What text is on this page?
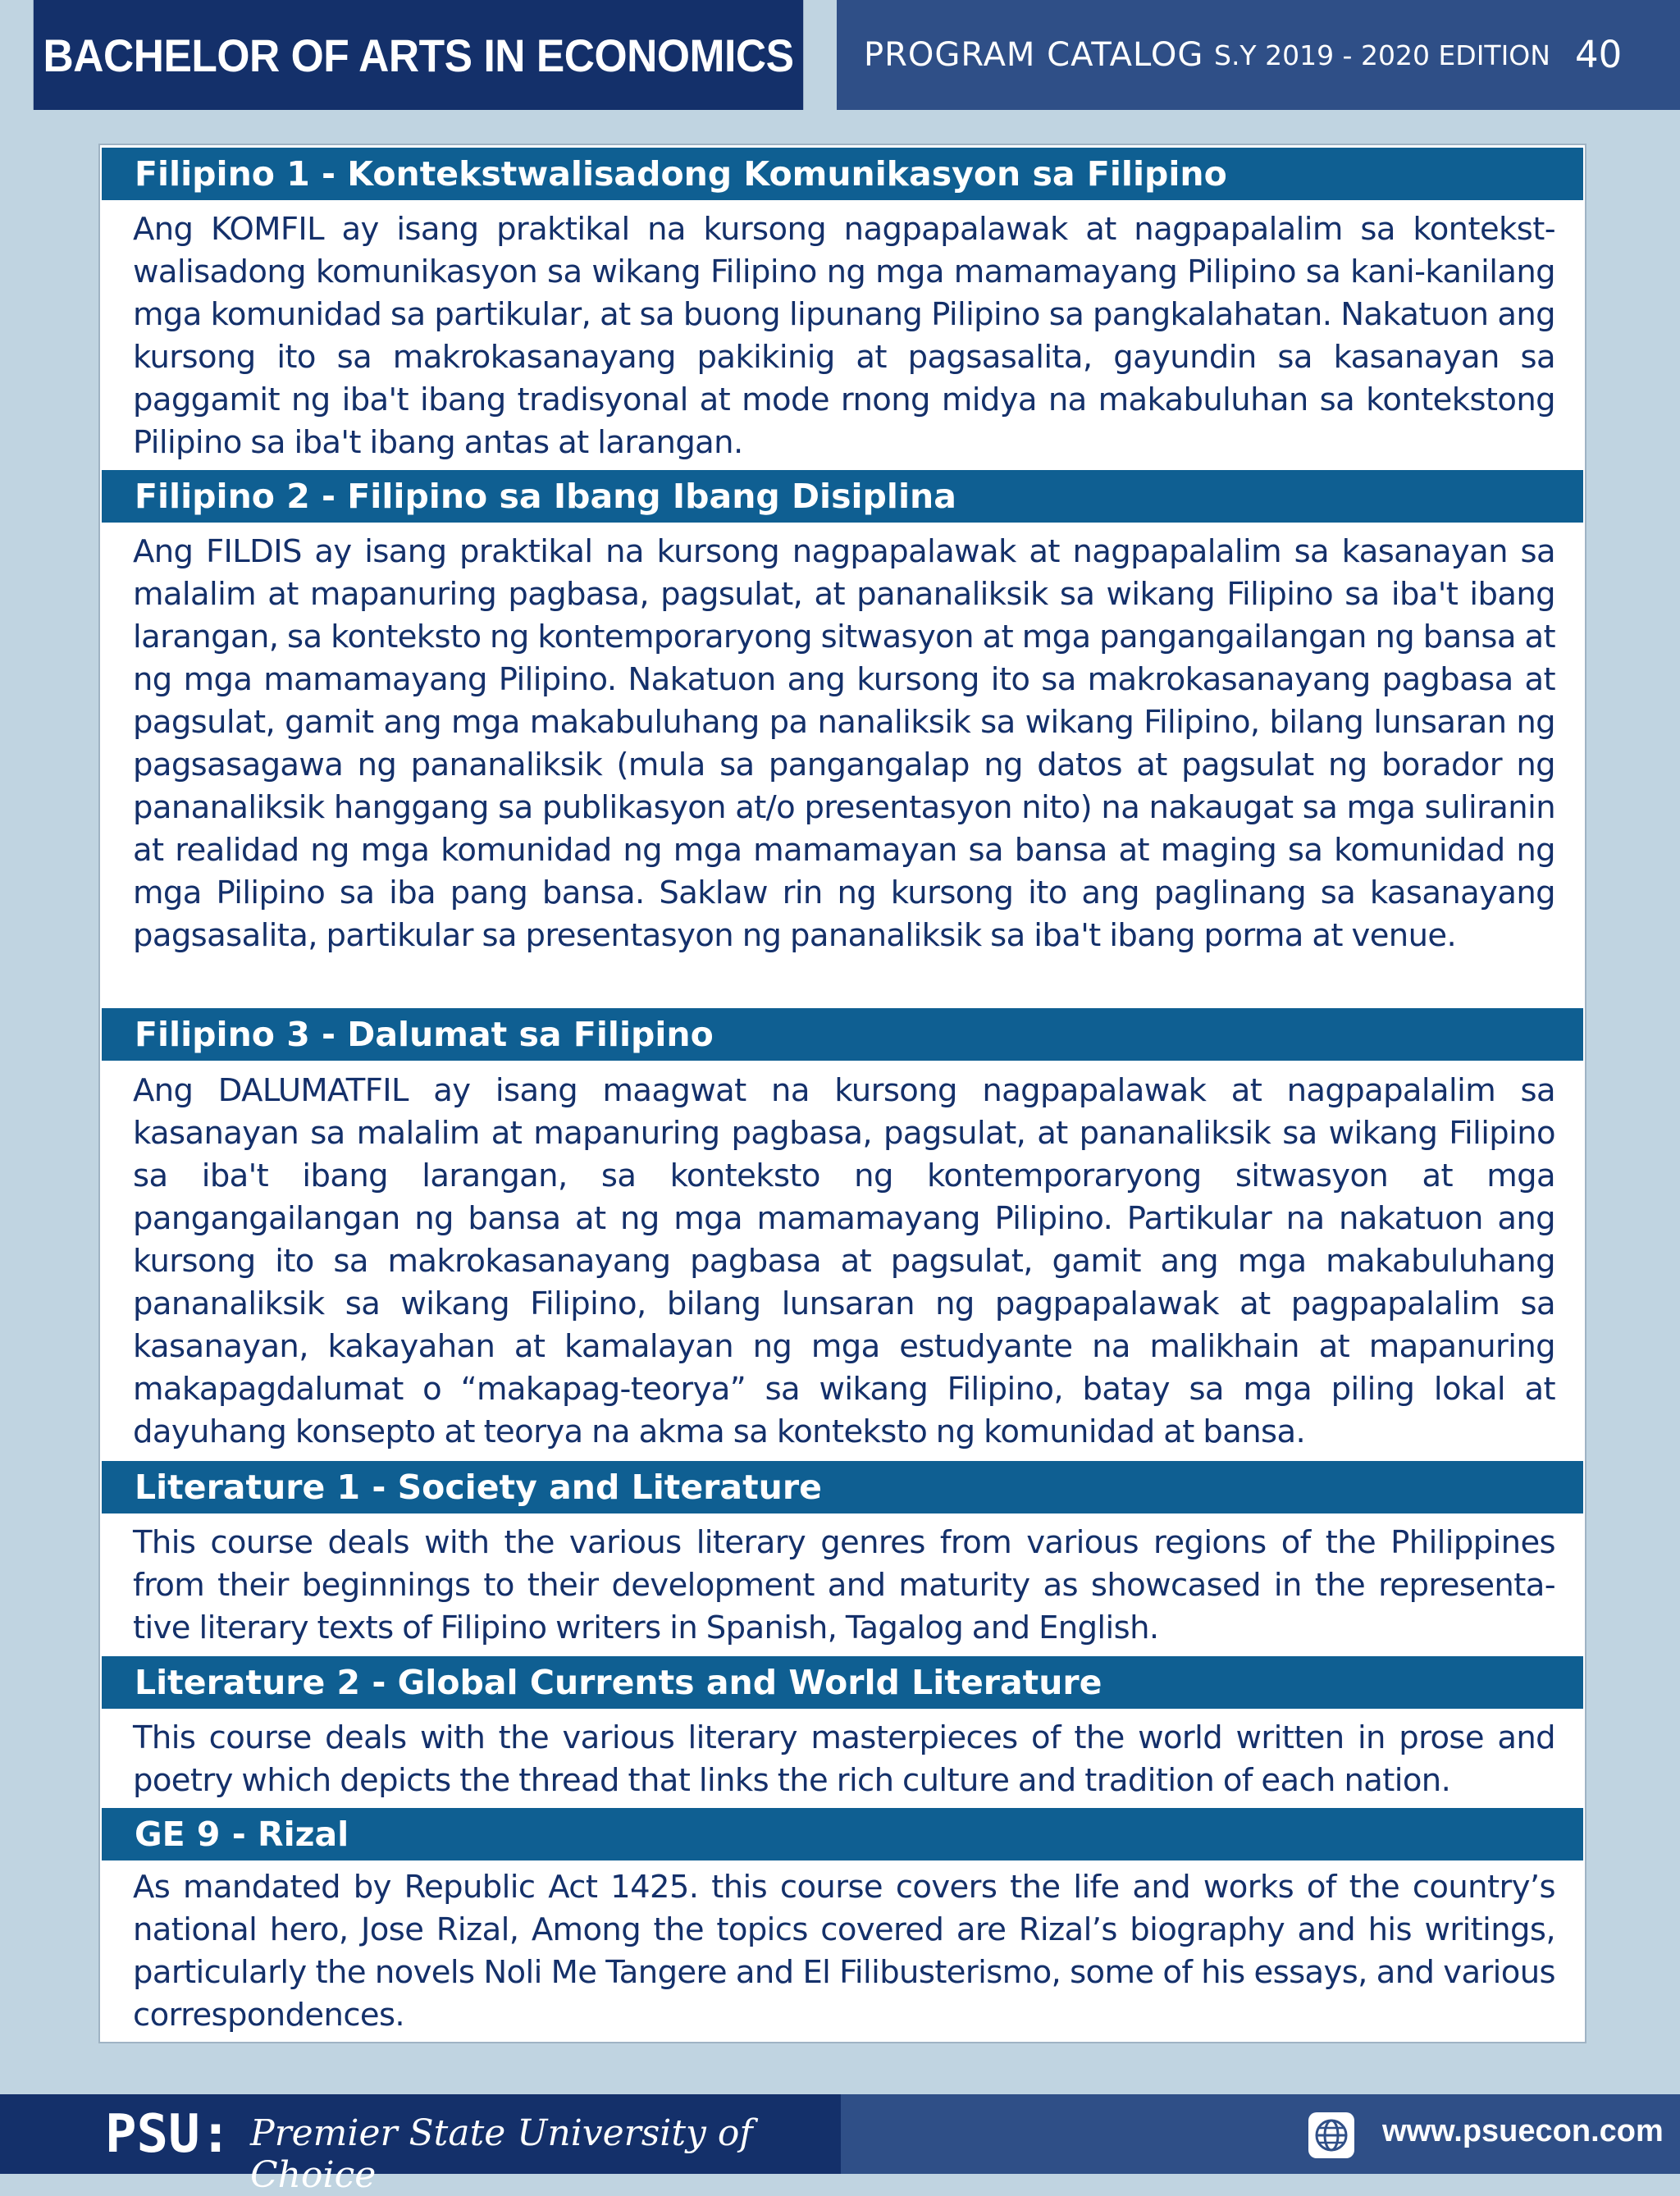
BACHELOR OF ARTS IN ECONOMICS PROGRAM CATALOG S.Y 2019 - 2020 EDITION 40
Filipino 1 - Kontekstwalisadong Komunikasyon sa Filipino

Ang KOMFIL ay isang praktikal na kursong nagpapalawak at nagpapalalim sa kontekst-walisadong komunikasyon sa wikang Filipino ng mga mamamayang Pilipino sa kani-kanilang mga komunidad sa partikular, at sa buong lipunang Pilipino sa pangkalahatan. Nakatuon ang kursong ito sa makrokasanayang pakikinig at pagsasalita, gayundin sa kasanayan sa paggamit ng iba't ibang tradisyonal at mode rnong midya na makabuluhan sa kontekstong Pilipino sa iba't ibang antas at larangan.

Filipino 2 - Filipino sa Ibang Ibang Disiplina

Ang FILDIS ay isang praktikal na kursong nagpapalawak at nagpapalalim sa kasanayan sa malalim at mapanuring pagbasa, pagsulat, at pananaliksik sa wikang Filipino sa iba't ibang larangan, sa konteksto ng kontemporaryong sitwasyon at mga pangangailangan ng bansa at ng mga mamamayang Pilipino. Nakatuon ang kursong ito sa makrokasanayang pagbasa at pagsulat, gamit ang mga makabuluhang pa nanaliksik sa wikang Filipino, bilang lunsaran ng pagsasagawa ng pananaliksik (mula sa pangangalap ng datos at pagsulat ng borador ng pananaliksik hanggang sa publikasyon at/o presentasyon nito) na nakaugat sa mga suliranin at realidad ng mga komunidad ng mga mamamayan sa bansa at maging sa komunidad ng mga Pilipino sa iba pang bansa. Saklaw rin ng kursong ito ang paglinang sa kasanayang pagsasalita, partikular sa presentasyon ng pananaliksik sa iba't ibang porma at venue.

Filipino 3 - Dalumat sa Filipino

Ang DALUMATFIL ay isang maagwat na kursong nagpapalawak at nagpapalalim sa kasanayan sa malalim at mapanuring pagbasa, pagsulat, at pananaliksik sa wikang Filipino sa iba't ibang larangan, sa konteksto ng kontemporaryong sitwasyon at mga pangangailangan ng bansa at ng mga mamamayang Pilipino. Partikular na nakatuon ang kursong ito sa makrokasanayang pagbasa at pagsulat, gamit ang mga makabuluhang pananaliksik sa wikang Filipino, bilang lunsaran ng pagpapalawak at pagpapalalim sa kasanayan, kakayahan at kamalayan ng mga estudyante na malikhain at mapanuring makapagdalumat o “makapag-teorya” sa wikang Filipino, batay sa mga piling lokal at dayuhang konsepto at teorya na akma sa konteksto ng komunidad at bansa.

Literature 1 - Society and Literature

This course deals with the various literary genres from various regions of the Philippines from their beginnings to their development and maturity as showcased in the representa-tive literary texts of Filipino writers in Spanish, Tagalog and English.

Literature 2 - Global Currents and World Literature

This course deals with the various literary masterpieces of the world written in prose and poetry which depicts the thread that links the rich culture and tradition of each nation.

GE 9 - Rizal

As mandated by Republic Act 1425. this course covers the life and works of the country’s national hero, Jose Rizal, Among the topics covered are Rizal’s biography and his writings, particularly the novels Noli Me Tangere and El Filibusterismo, some of his essays, and various correspondences.

PSU: Premier State University of Choice
www.psuecon.com
